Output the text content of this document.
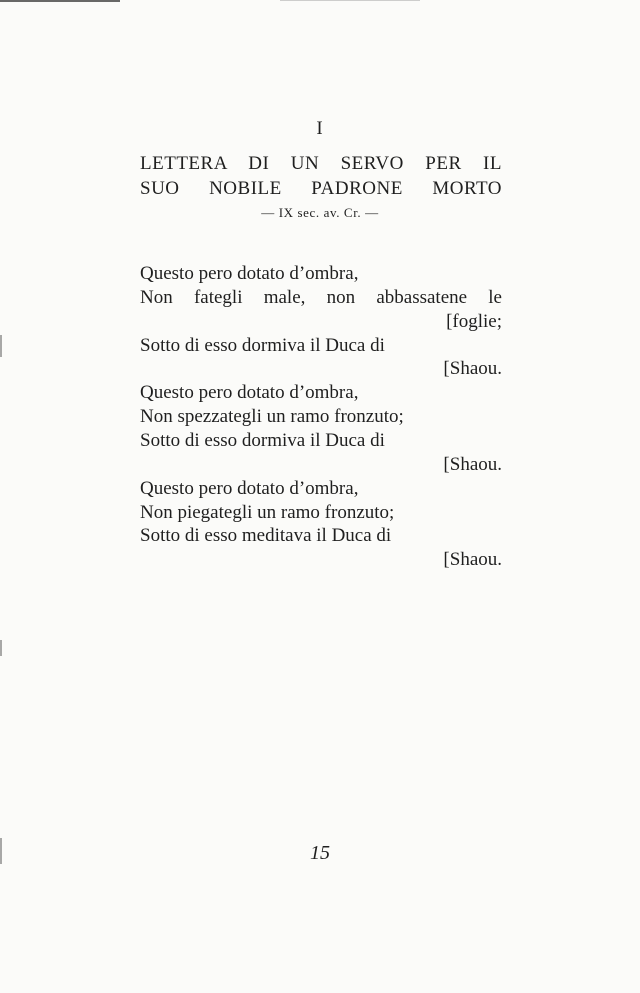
I
LETTERA DI UN SERVO PER IL
SUO NOBILE PADRONE MORTO
— IX sec. av. Cr. —
Questo pero dotato d’ombra,
Non fategli male, non abbassatene le
[foglie;
Sotto di esso dormiva il Duca di
[Shaou.
Questo pero dotato d’ombra,
Non spezzategli un ramo fronzuto;
Sotto di esso dormiva il Duca di
[Shaou.
Questo pero dotato d’ombra,
Non piegategli un ramo fronzuto;
Sotto di esso meditava il Duca di
[Shaou.
15
